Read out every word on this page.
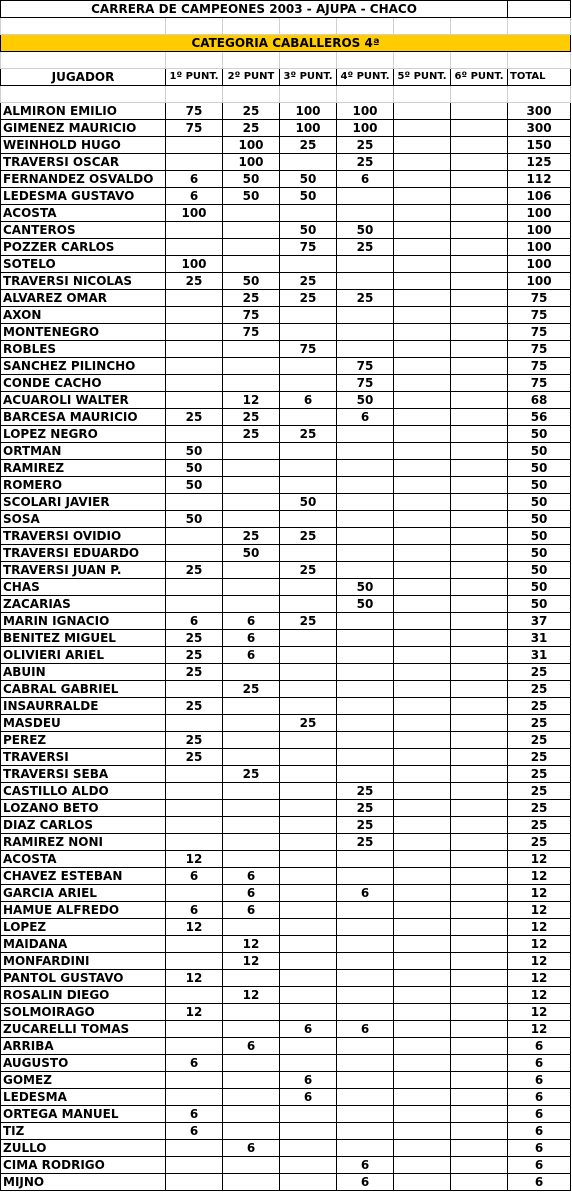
CARRERA DE CAMPEONES 2003 - AJUPA - CHACO							

CATEGORIA CABALLEROS 4ª							

JUGADOR	1º PUNT.	2º PUNT	3º PUNT.	4º PUNT.	5º PUNT.	6º PUNT.	TOTAL

ALMIRON EMILIO	75	25	100	100			300
GIMENEZ MAURICIO	75	25	100	100			300
WEINHOLD HUGO		100	25	25			150
TRAVERSI OSCAR		100		25			125
FERNANDEZ OSVALDO	6	50	50	6			112
LEDESMA GUSTAVO	6	50	50				106
ACOSTA	100						100
CANTEROS			50	50			100
POZZER CARLOS			75	25			100
SOTELO	100						100
TRAVERSI NICOLAS	25	50	25				100
ALVAREZ OMAR		25	25	25			75
AXON		75					75
MONTENEGRO		75					75
ROBLES			75				75
SANCHEZ PILINCHO				75			75
CONDE CACHO				75			75
ACUAROLI WALTER		12	6	50			68
BARCESA MAURICIO	25	25		6			56
LOPEZ NEGRO		25	25				50
ORTMAN	50						50
RAMIREZ	50						50
ROMERO	50						50
SCOLARI JAVIER			50				50
SOSA	50						50
TRAVERSI OVIDIO		25	25				50
TRAVERSI EDUARDO		50					50
TRAVERSI JUAN P.	25		25				50
CHAS				50			50
ZACARIAS				50			50
MARIN IGNACIO	6	6	25				37
BENITEZ MIGUEL	25	6					31
OLIVIERI ARIEL	25	6					31
ABUIN	25						25
CABRAL GABRIEL		25					25
INSAURRALDE	25						25
MASDEU			25				25
PEREZ	25						25
TRAVERSI	25						25
TRAVERSI SEBA		25					25
CASTILLO ALDO				25			25
LOZANO BETO				25			25
DIAZ CARLOS				25			25
RAMIREZ NONI				25			25
ACOSTA	12						12
CHAVEZ ESTEBAN	6	6					12
GARCIA ARIEL		6		6			12
HAMUE ALFREDO	6	6					12
LOPEZ	12						12
MAIDANA		12					12
MONFARDINI		12					12
PANTOL GUSTAVO	12						12
ROSALIN DIEGO		12					12
SOLMOIRAGO	12						12
ZUCARELLI TOMAS			6	6			12
ARRIBA		6					6
AUGUSTO	6						6
GOMEZ			6				6
LEDESMA			6				6
ORTEGA MANUEL	6						6
TIZ	6						6
ZULLO		6					6
CIMA RODRIGO				6			6
MIJNO				6			6
